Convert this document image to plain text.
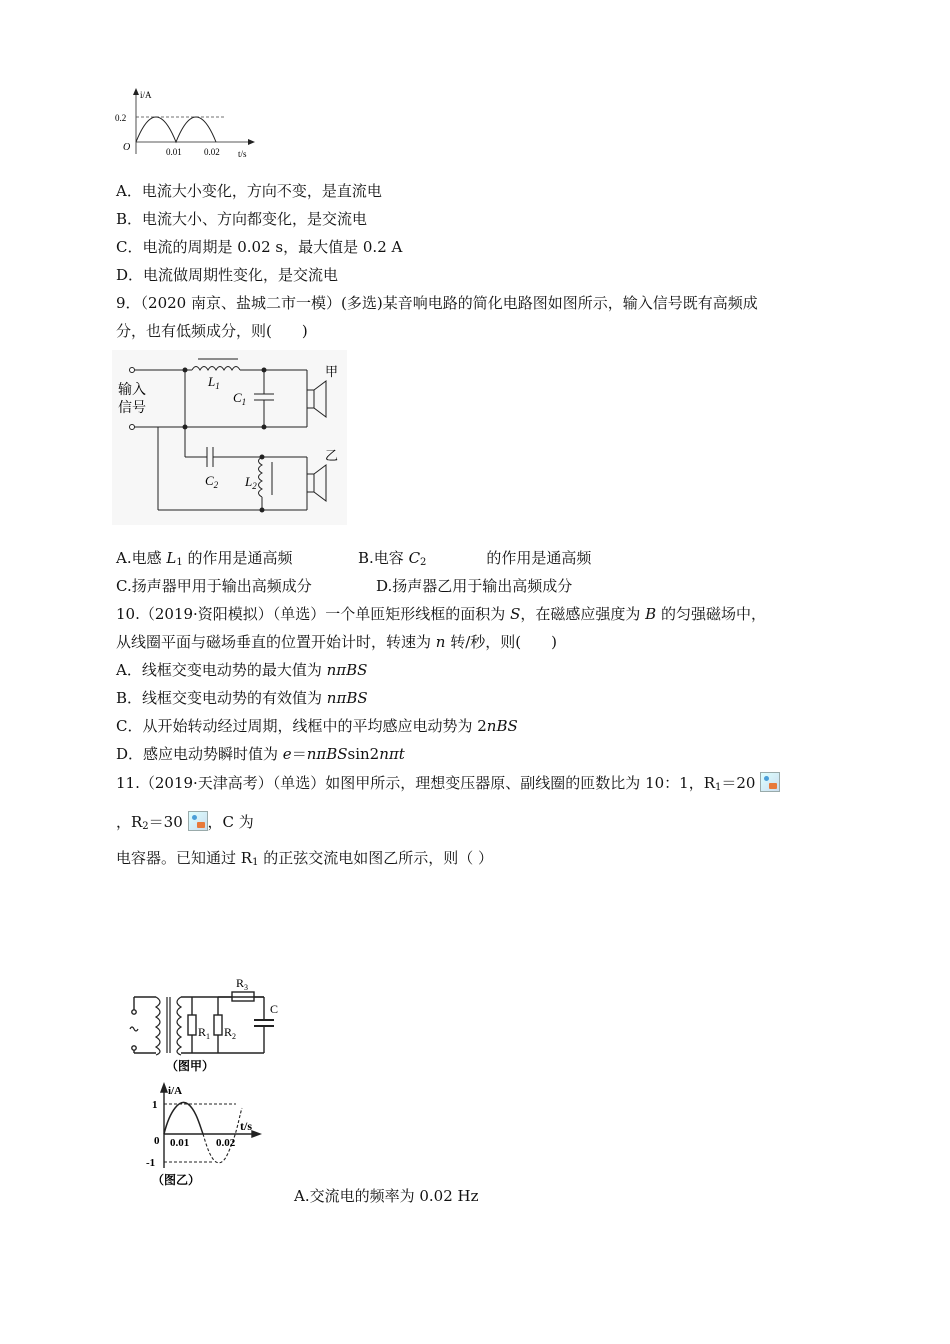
i/A
0.2
O	0.01 0.02 t/s
A．电流大小变化，方向不变，是直流电
B．电流大小、方向都变化，是交流电
C．电流的周期是 0.02 s，最大值是 0.2 A
D．电流做周期性变化，是交流电
9．（2020 南京、盐城二市一模）(多选)某音响电路的简化电路图如图所示，输入信号既有高频成
分，也有低频成分，则(　　)
输入
信号
$L_1$
$C_1$
甲
$C_2$ $L_2$
乙
A.电感 $L_1$ 的作用是通高频	B.电容 $C_2$	的作用是通高频
C.扬声器甲用于输出高频成分	D.扬声器乙用于输出高频成分
10.（2019·资阳模拟）（单选）一个单匝矩形线框的面积为 S，在磁感应强度为 B 的匀强磁场中，
从线圈平面与磁场垂直的位置开始计时，转速为 n 转/秒，则(　　)
A．线框交变电动势的最大值为 nπBS
B．线框交变电动势的有效值为 nπBS
C．从开始转动经过周期，线框中的平均感应电动势为 2nBS
D．感应电动势瞬时值为 e＝nπBSsin2nπt
11.（2019·天津高考）（单选）如图甲所示，理想变压器原、副线圈的匝数比为 10：1，$R_1=20$
，$R_2=30$ ，C 为
电容器。已知通过 $R_1$ 的正弦交流电如图乙所示，则（ ）
$R_1$ $R_2$
$R_3$
C
（图甲）
i/A
1
0
-1
0.01 0.02
t/s
（图乙）
A.交流电的频率为 0.02 Hz
